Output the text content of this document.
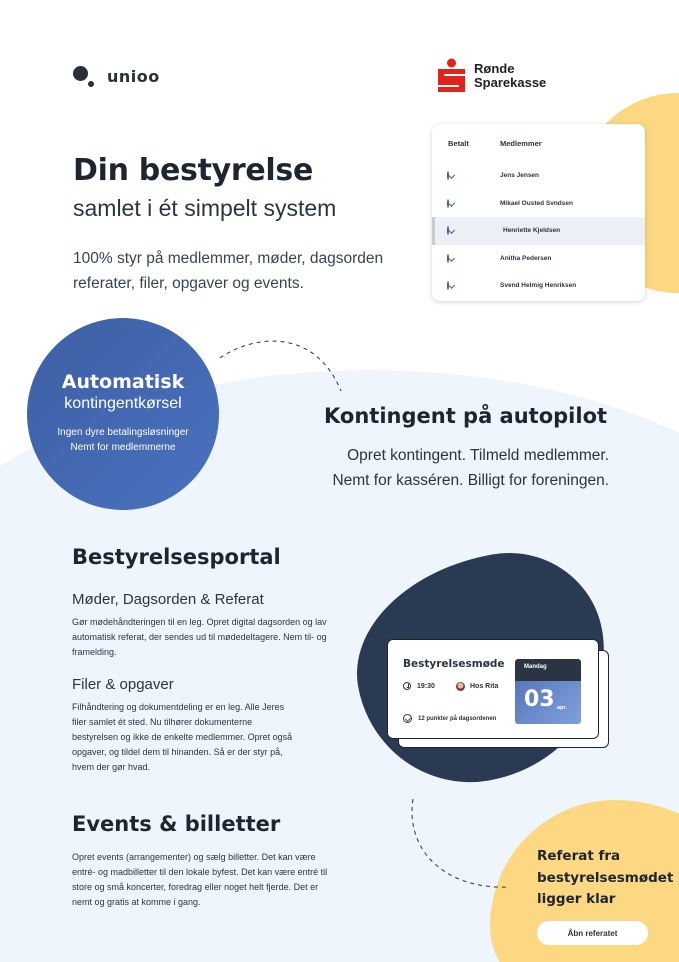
unioo	Rønde
Sparekasse
Din bestyrelse
samlet i ét simpelt system

100% styr på medlemmer, møder, dagsorden referater, filer, opgaver og events.

Betalt	Medlemmer
Jens Jensen
Mikael Ousted Svndsen
Henriette Kjeldsen
Anitha Pedersen
Svend Helmig Henriksen
Automatisk
kontingentkørsel
Ingen dyre betalingsløsninger
Nemt for medlemmerne
Kontingent på autopilot
Opret kontingent. Tilmeld medlemmer.
Nemt for kasséren. Billigt for foreningen.
Bestyrelsesportal
Møder, Dagsorden & Referat

Gør mødehåndteringen til en leg. Opret digital dagsorden og lav automatisk referat, der sendes ud til mødedeltagere. Nem til- og framelding.

Filer & opgaver

Filhåndtering og dokumentdeling er en leg. Alle Jeres filer samlet ét sted. Nu tilhører dokumenterne bestyrelsen og ikke de enkelte medlemmer. Opret også opgaver, og tildel dem til hinanden. Så er der styr på, hvem der gør hvad.

Bestyrelsesmøde
19:30	Hos Rita
12 punkter på dagsordenen
Mandag
03 apr.
Events & billetter

Opret events (arrangementer) og sælg billetter. Det kan være entré- og madbilletter til den lokale byfest. Det kan være entré til store og små koncerter, foredrag eller noget helt fjerde. Det er nemt og gratis at komme i gang.

Referat fra
bestyrelsesmødet
ligger klar
Åbn referatet
